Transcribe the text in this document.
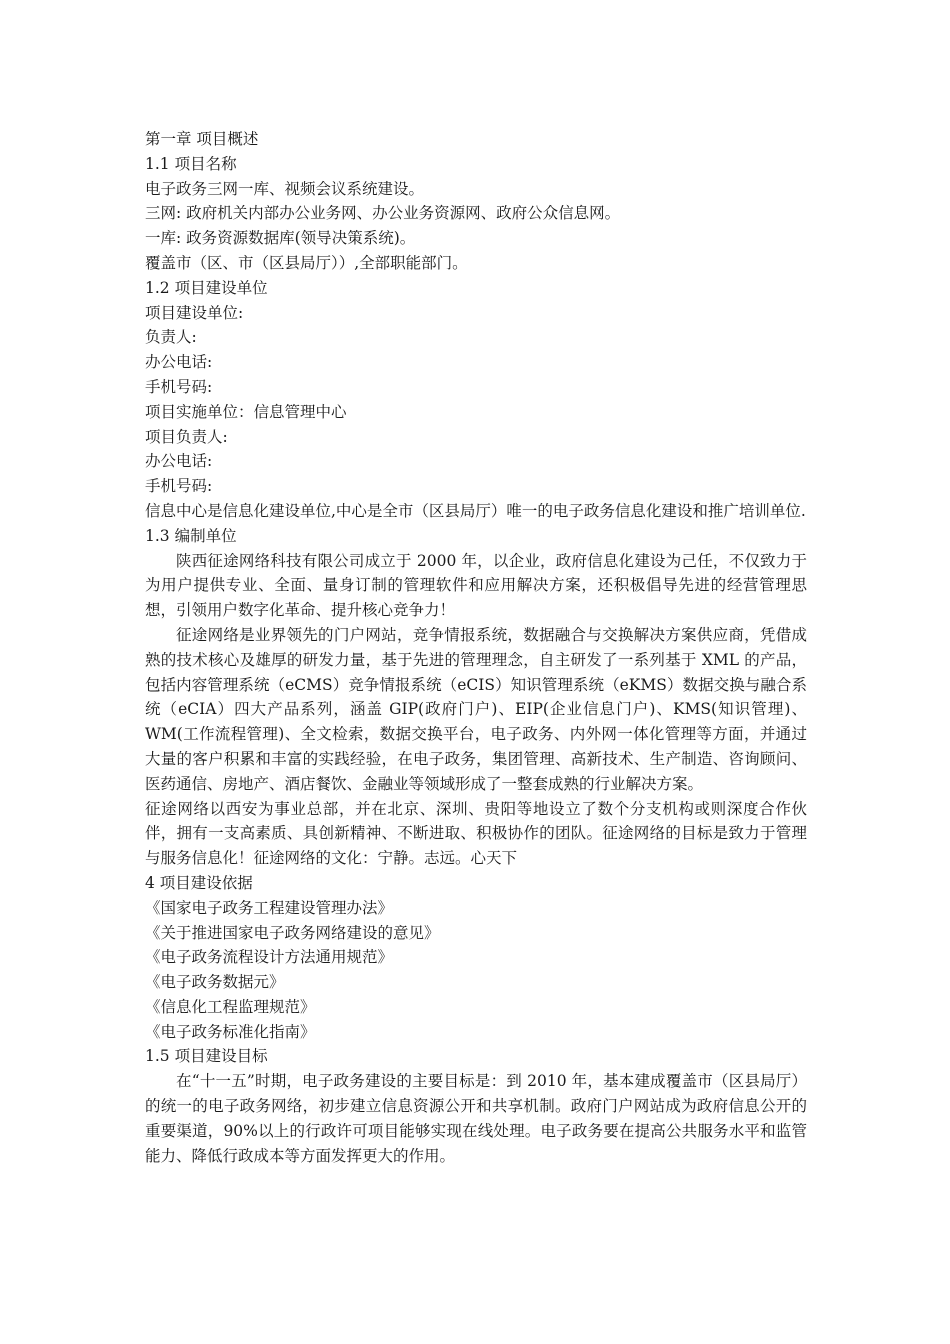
第一章 项目概述
1.1 项目名称
电子政务三网一库、视频会议系统建设。
三网: 政府机关内部办公业务网、办公业务资源网、政府公众信息网。
一库: 政务资源数据库(领导决策系统)。
覆盖市（区、市（区县局厅））,全部职能部门。
1.2 项目建设单位
项目建设单位:
负责人:
办公电话:
手机号码:
项目实施单位：信息管理中心
项目负责人:
办公电话:
手机号码:
信息中心是信息化建设单位,中心是全市（区县局厅）唯一的电子政务信息化建设和推广培训单位.
1.3 编制单位
陕西征途网络科技有限公司成立于 2000 年，以企业，政府信息化建设为己任，不仅致力于为用户提供专业、全面、量身订制的管理软件和应用解决方案，还积极倡导先进的经营管理思想，引领用户数字化革命、提升核心竞争力！
征途网络是业界领先的门户网站，竞争情报系统，数据融合与交换解决方案供应商，凭借成熟的技术核心及雄厚的研发力量，基于先进的管理理念，自主研发了一系列基于 XML 的产品，包括内容管理系统（eCMS）竞争情报系统（eCIS）知识管理系统（eKMS）数据交换与融合系统（eCIA）四大产品系列，涵盖 GIP(政府门户)、EIP(企业信息门户)、KMS(知识管理)、WM(工作流程管理)、全文检索，数据交换平台，电子政务、内外网一体化管理等方面，并通过大量的客户积累和丰富的实践经验，在电子政务，集团管理、高新技术、生产制造、咨询顾问、医药通信、房地产、酒店餐饮、金融业等领域形成了一整套成熟的行业解决方案。
征途网络以西安为事业总部，并在北京、深圳、贵阳等地设立了数个分支机构或则深度合作伙伴，拥有一支高素质、具创新精神、不断进取、积极协作的团队。征途网络的目标是致力于管理与服务信息化！征途网络的文化：宁静。志远。心天下
4 项目建设依据
《国家电子政务工程建设管理办法》
《关于推进国家电子政务网络建设的意见》
《电子政务流程设计方法通用规范》
《电子政务数据元》
《信息化工程监理规范》
《电子政务标准化指南》
1.5 项目建设目标
在“十一五”时期，电子政务建设的主要目标是：到 2010 年，基本建成覆盖市（区县局厅）的统一的电子政务网络，初步建立信息资源公开和共享机制。政府门户网站成为政府信息公开的重要渠道，90%以上的行政许可项目能够实现在线处理。电子政务要在提高公共服务水平和监管能力、降低行政成本等方面发挥更大的作用。
